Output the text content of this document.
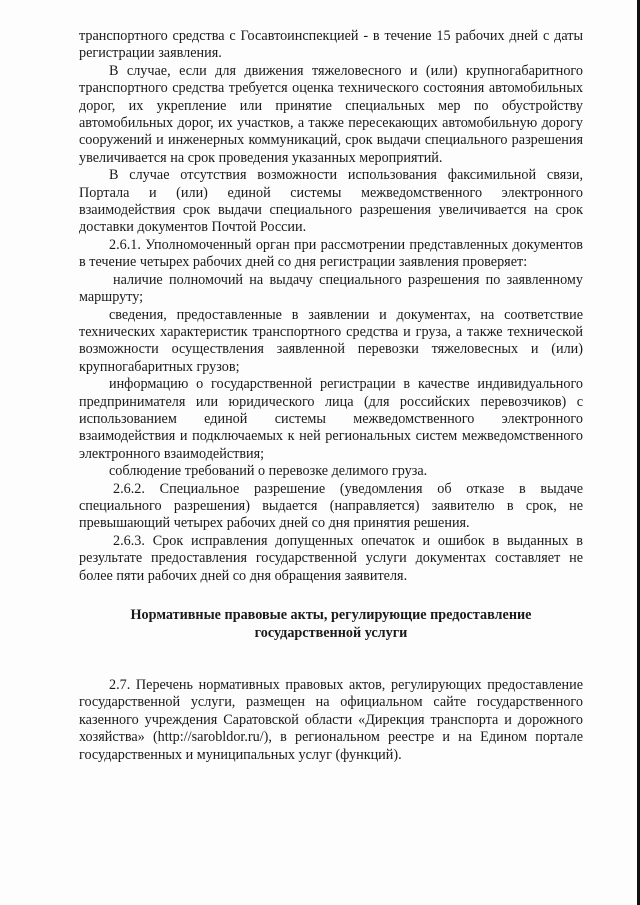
транспортного средства с Госавтоинспекцией - в течение 15 рабочих дней с даты регистрации заявления.

В случае, если для движения тяжеловесного и (или) крупногабаритного транспортного средства требуется оценка технического состояния автомобильных дорог, их укрепление или принятие специальных мер по обустройству автомобильных дорог, их участков, а также пересекающих автомобильную дорогу сооружений и инженерных коммуникаций, срок выдачи специального разрешения увеличивается на срок проведения указанных мероприятий.

В случае отсутствия возможности использования факсимильной связи, Портала и (или) единой системы межведомственного электронного взаимодействия срок выдачи специального разрешения увеличивается на срок доставки документов Почтой России.

2.6.1. Уполномоченный орган при рассмотрении представленных документов в течение четырех рабочих дней со дня регистрации заявления проверяет:

наличие полномочий на выдачу специального разрешения по заявленному маршруту;

сведения, предоставленные в заявлении и документах, на соответствие технических характеристик транспортного средства и груза, а также технической возможности осуществления заявленной перевозки тяжеловесных и (или) крупногабаритных грузов;

информацию о государственной регистрации в качестве индивидуального предпринимателя или юридического лица (для российских перевозчиков) с использованием единой системы межведомственного электронного взаимодействия и подключаемых к ней региональных систем межведомственного электронного взаимодействия;

соблюдение требований о перевозке делимого груза.

2.6.2. Специальное разрешение (уведомления об отказе в выдаче специального разрешения) выдается (направляется) заявителю в срок, не превышающий четырех рабочих дней со дня принятия решения.

2.6.3. Срок исправления допущенных опечаток и ошибок в выданных в результате предоставления государственной услуги документах составляет не более пяти рабочих дней со дня обращения заявителя.

Нормативные правовые акты, регулирующие предоставление государственной услуги

2.7. Перечень нормативных правовых актов, регулирующих предоставление государственной услуги, размещен на официальном сайте государственного казенного учреждения Саратовской области «Дирекция транспорта и дорожного хозяйства» (http://sarobldor.ru/), в региональном реестре и на Едином портале государственных и муниципальных услуг (функций).
